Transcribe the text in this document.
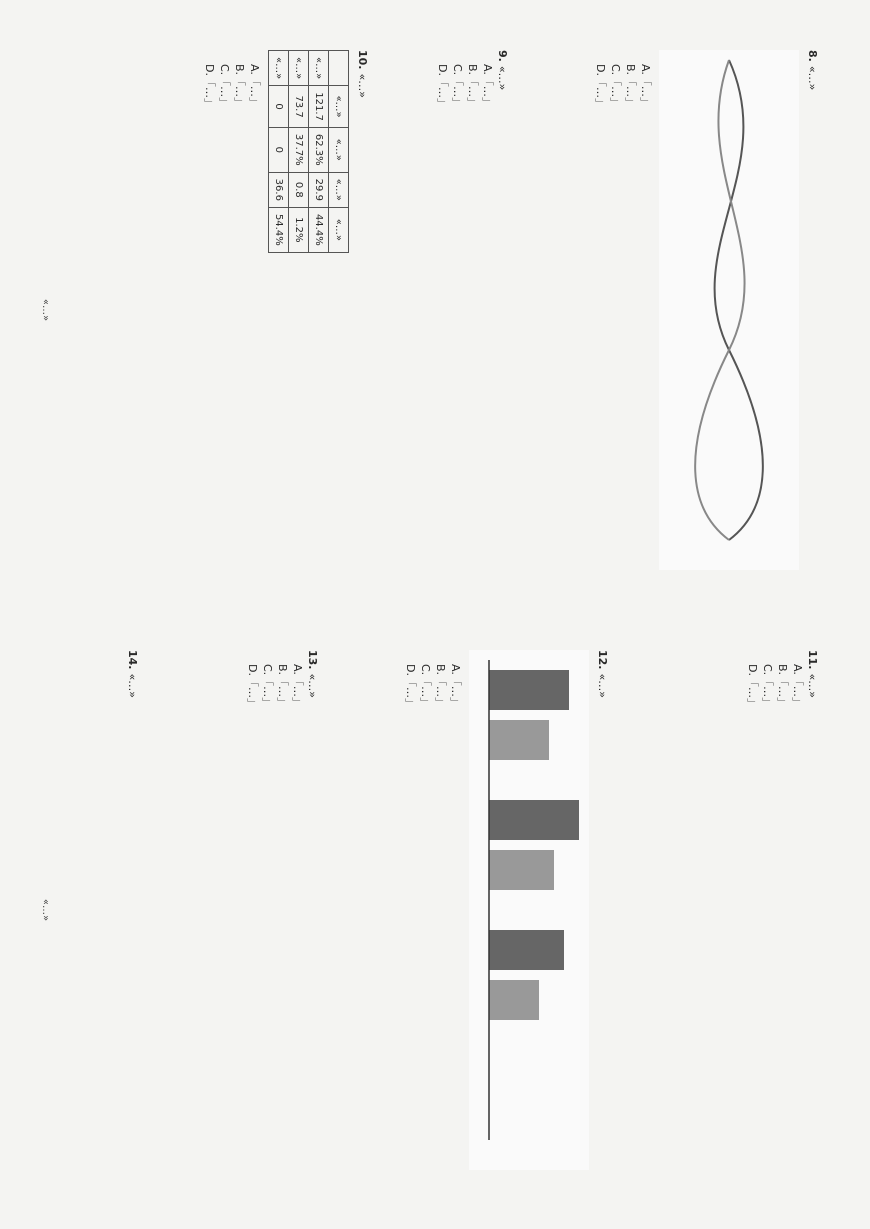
8.«…»
A.「…」
B.「…」
C.「…」
D.「…」
9.«…»
A.「…」
B.「…」
C.「…」
D.「…」
10.«…»
	«…»	«…»	«…»	«…»
«…»	121.7	62.3%	29.9	44.4%
«…»	73.7	37.7%	0.8	1.2%
«…»	0	0	36.6	54.4%
A.「…」
B.「…」
C.「…」
D.「…」
«…»
11.«…»
A.「…」
B.「…」
C.「…」
D.「…」
12.«…»
A.「…」
B.「…」
C.「…」
D.「…」
13.«…»
A.「…」
B.「…」
C.「…」
D.「…」
14.«…»
«…»
